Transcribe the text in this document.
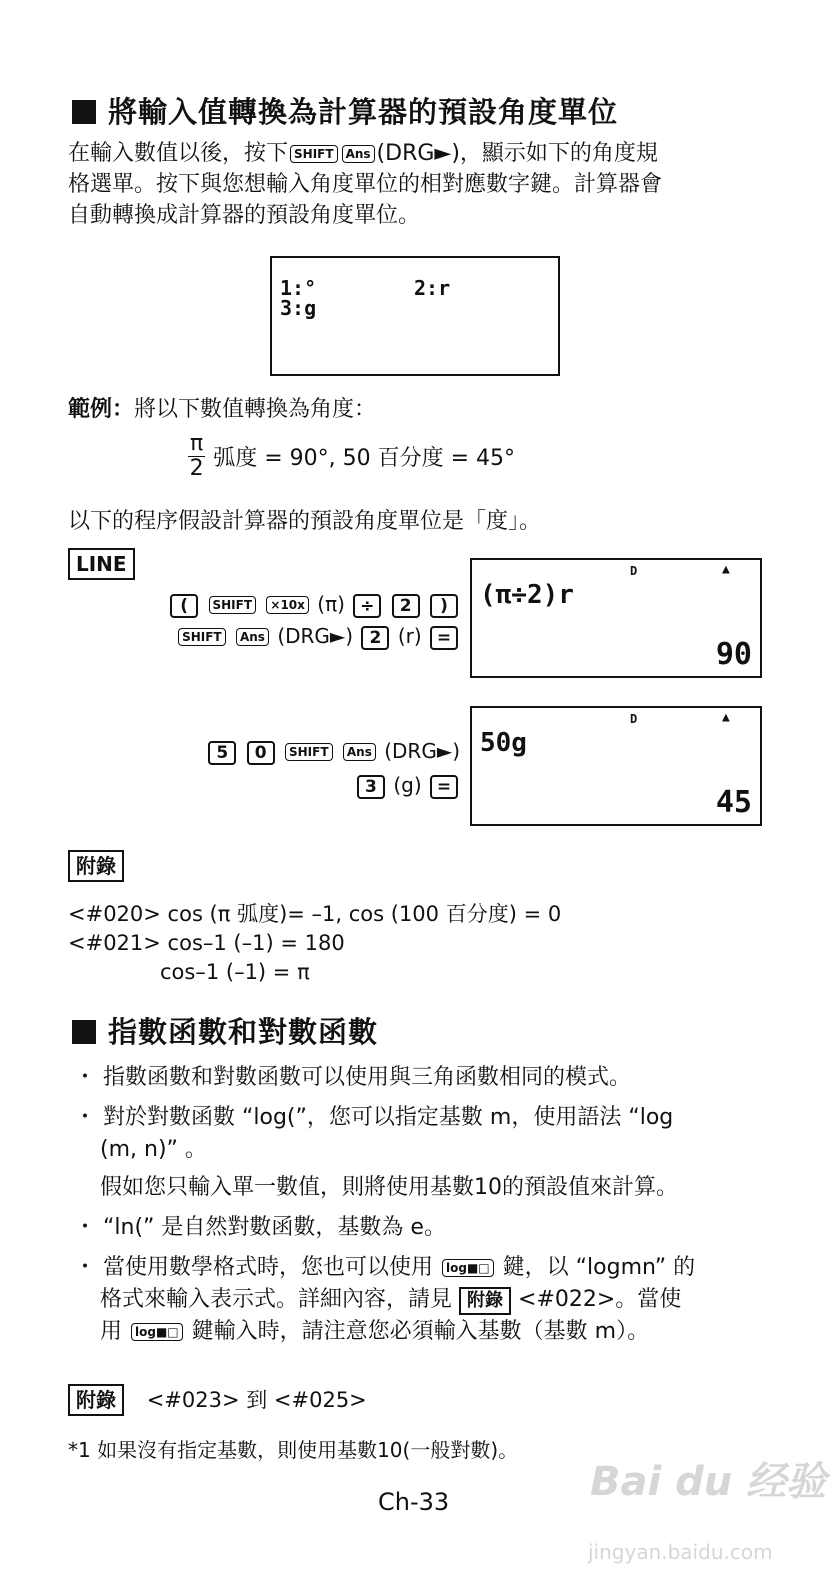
將輸入值轉換為計算器的預設角度單位
在輸入數值以後，按下 SHIFT Ans (DRG►)，顯示如下的角度規
格選單。按下與您想輸入角度單位的相對應數字鍵。計算器會
自動轉換成計算器的預設角度單位。
1:°	2:r
3:g
範例：將以下數值轉換為角度：
$\frac{\pi}{2}$ 弧度 = 90°, 50 百分度 = 45°
以下的程序假設計算器的預設角度單位是「度」。
LINE
( SHIFT ×10x (π) ÷ 2 )
SHIFT Ans (DRG►) 2 (r) =
D	▲
(π÷2)r
90
5 0 SHIFT Ans (DRG►)
3 (g) =
D	▲
50g
45
附錄
<#020> cos (π 弧度)= –1, cos (100 百分度) = 0
<#021> cos–1 (–1) = 180
cos–1 (–1) = π
指數函數和對數函數
・ 指數函數和對數函數可以使用與三角函數相同的模式。
・ 對於對數函數 “log(”，您可以指定基數 m，使用語法 “log
(m, n)” 。
假如您只輸入單一數值，則將使用基數10的預設值來計算。
・ “ln(” 是自然對數函數，基數為 e。
・ 當使用數學格式時，您也可以使用 log■□ 鍵，以 “logmn” 的
格式來輸入表示式。詳細內容，請見 附錄 <#022>。當使
用 log■□ 鍵輸入時，請注意您必須輸入基數（基數 m）。
附錄 <#023> 到 <#025>
*1 如果沒有指定基數，則使用基數10(一般對數)。
Ch-33	Bai du 经验
jingyan.baidu.com
